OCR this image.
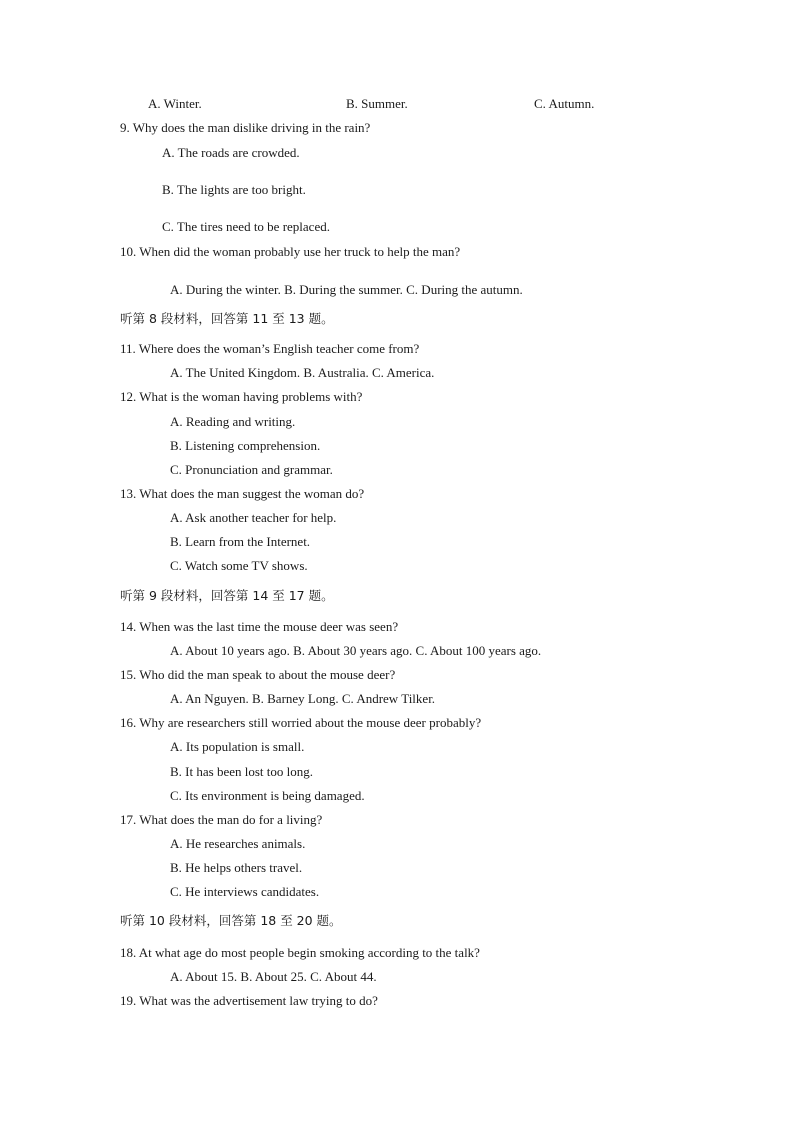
A. Winter.	B. Summer.	C. Autumn.
9. Why does the man dislike driving in the rain?
A. The roads are crowded.
B. The lights are too bright.
C. The tires need to be replaced.
10. When did the woman probably use her truck to help the man?
A. During the winter. B. During the summer. C. During the autumn.
听第 8 段材料，回答第 11 至 13 题。
11. Where does the woman’s English teacher come from?
A. The United Kingdom. B. Australia. C. America.
12. What is the woman having problems with?
A. Reading and writing.
B. Listening comprehension.
C. Pronunciation and grammar.
13. What does the man suggest the woman do?
A. Ask another teacher for help.
B. Learn from the Internet.
C. Watch some TV shows.
听第 9 段材料，回答第 14 至 17 题。
14. When was the last time the mouse deer was seen?
A. About 10 years ago. B. About 30 years ago. C. About 100 years ago.
15. Who did the man speak to about the mouse deer?
A. An Nguyen. B. Barney Long. C. Andrew Tilker.
16. Why are researchers still worried about the mouse deer probably?
A. Its population is small.
B. It has been lost too long.
C. Its environment is being damaged.
17. What does the man do for a living?
A. He researches animals.
B. He helps others travel.
C. He interviews candidates.
听第 10 段材料，回答第 18 至 20 题。
18. At what age do most people begin smoking according to the talk?
A. About 15. B. About 25. C. About 44.
19. What was the advertisement law trying to do?
